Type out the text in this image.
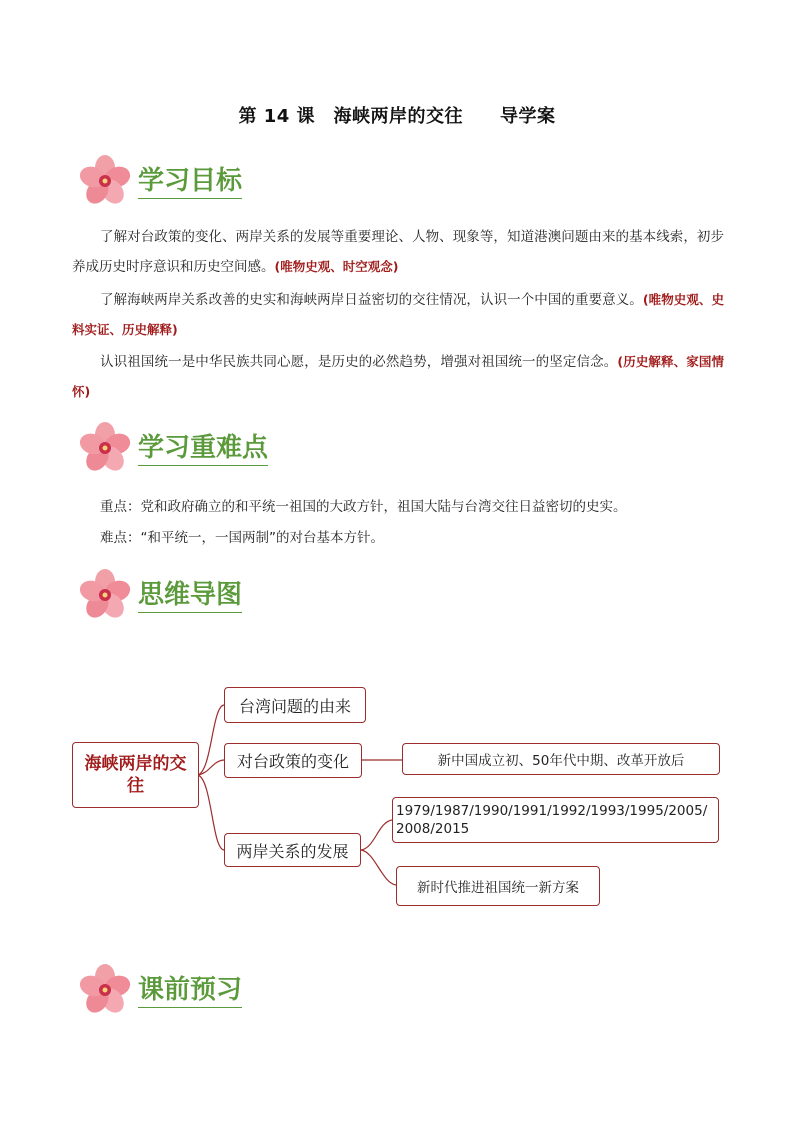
第 14 课　海峡两岸的交往　　导学案
学习目标

了解对台政策的变化、两岸关系的发展等重要理论、人物、现象等，知道港澳问题由来的基本线索，初步养成历史时序意识和历史空间感。(唯物史观、时空观念)

了解海峡两岸关系改善的史实和海峡两岸日益密切的交往情况，认识一个中国的重要意义。(唯物史观、史料实证、历史解释)

认识祖国统一是中华民族共同心愿，是历史的必然趋势，增强对祖国统一的坚定信念。(历史解释、家国情怀)

学习重难点

重点：党和政府确立的和平统一祖国的大政方针，祖国大陆与台湾交往日益密切的史实。

难点：“和平统一，一国两制”的对台基本方针。

思维导图
海峡两岸的交往
台湾问题的由来
对台政策的变化	新中国成立初、50年代中期、改革开放后
两岸关系的发展
1979/1987/1990/1991/1992/1993/1995/2005/2008/2015
新时代推进祖国统一新方案
课前预习
